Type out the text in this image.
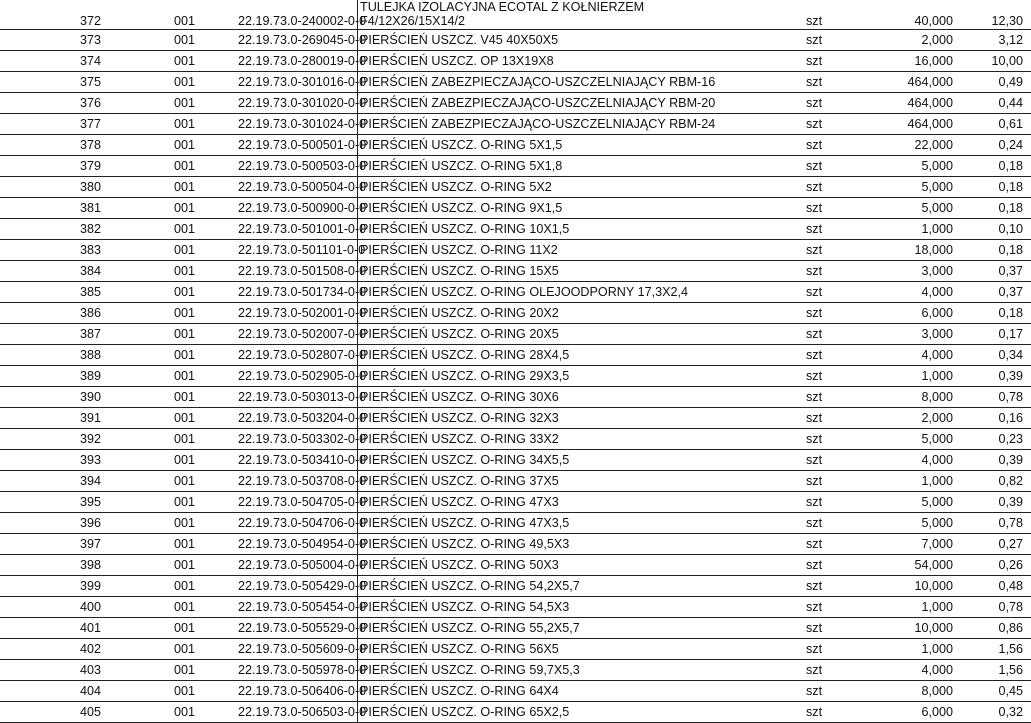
372	001	22.19.73.0-240002-0-0	TULEJKA IZOLACYJNA ECOTAL Z KOŁNIERZEM
F4/12X26/15X14/2	szt	40,000	12,30
373	001	22.19.73.0-269045-0-0	PIERŚCIEŃ USZCZ. V45 40X50X5	szt	2,000	3,12
374	001	22.19.73.0-280019-0-0	PIERŚCIEŃ USZCZ. OP 13X19X8	szt	16,000	10,00
375	001	22.19.73.0-301016-0-0	PIERŚCIEŃ ZABEZPIECZAJĄCO-USZCZELNIAJĄCY RBM-16	szt	464,000	0,49
376	001	22.19.73.0-301020-0-0	PIERŚCIEŃ ZABEZPIECZAJĄCO-USZCZELNIAJĄCY RBM-20	szt	464,000	0,44
377	001	22.19.73.0-301024-0-0	PIERŚCIEŃ ZABEZPIECZAJĄCO-USZCZELNIAJĄCY RBM-24	szt	464,000	0,61
378	001	22.19.73.0-500501-0-0	PIERŚCIEŃ USZCZ. O-RING 5X1,5	szt	22,000	0,24
379	001	22.19.73.0-500503-0-0	PIERŚCIEŃ USZCZ. O-RING 5X1,8	szt	5,000	0,18
380	001	22.19.73.0-500504-0-0	PIERŚCIEŃ USZCZ. O-RING 5X2	szt	5,000	0,18
381	001	22.19.73.0-500900-0-0	PIERŚCIEŃ USZCZ. O-RING 9X1,5	szt	5,000	0,18
382	001	22.19.73.0-501001-0-0	PIERŚCIEŃ USZCZ. O-RING 10X1,5	szt	1,000	0,10
383	001	22.19.73.0-501101-0-0	PIERŚCIEŃ USZCZ. O-RING 11X2	szt	18,000	0,18
384	001	22.19.73.0-501508-0-0	PIERŚCIEŃ USZCZ. O-RING 15X5	szt	3,000	0,37
385	001	22.19.73.0-501734-0-0	PIERŚCIEŃ USZCZ. O-RING OLEJOODPORNY 17,3X2,4	szt	4,000	0,37
386	001	22.19.73.0-502001-0-0	PIERŚCIEŃ USZCZ. O-RING 20X2	szt	6,000	0,18
387	001	22.19.73.0-502007-0-0	PIERŚCIEŃ USZCZ. O-RING 20X5	szt	3,000	0,17
388	001	22.19.73.0-502807-0-0	PIERŚCIEŃ USZCZ. O-RING 28X4,5	szt	4,000	0,34
389	001	22.19.73.0-502905-0-0	PIERŚCIEŃ USZCZ. O-RING 29X3,5	szt	1,000	0,39
390	001	22.19.73.0-503013-0-0	PIERŚCIEŃ USZCZ. O-RING 30X6	szt	8,000	0,78
391	001	22.19.73.0-503204-0-0	PIERŚCIEŃ USZCZ. O-RING 32X3	szt	2,000	0,16
392	001	22.19.73.0-503302-0-0	PIERŚCIEŃ USZCZ. O-RING 33X2	szt	5,000	0,23
393	001	22.19.73.0-503410-0-0	PIERŚCIEŃ USZCZ. O-RING 34X5,5	szt	4,000	0,39
394	001	22.19.73.0-503708-0-0	PIERŚCIEŃ USZCZ. O-RING 37X5	szt	1,000	0,82
395	001	22.19.73.0-504705-0-0	PIERŚCIEŃ USZCZ. O-RING 47X3	szt	5,000	0,39
396	001	22.19.73.0-504706-0-0	PIERŚCIEŃ USZCZ. O-RING 47X3,5	szt	5,000	0,78
397	001	22.19.73.0-504954-0-0	PIERŚCIEŃ USZCZ. O-RING 49,5X3	szt	7,000	0,27
398	001	22.19.73.0-505004-0-0	PIERŚCIEŃ USZCZ. O-RING 50X3	szt	54,000	0,26
399	001	22.19.73.0-505429-0-0	PIERŚCIEŃ USZCZ. O-RING 54,2X5,7	szt	10,000	0,48
400	001	22.19.73.0-505454-0-0	PIERŚCIEŃ USZCZ. O-RING 54,5X3	szt	1,000	0,78
401	001	22.19.73.0-505529-0-0	PIERŚCIEŃ USZCZ. O-RING 55,2X5,7	szt	10,000	0,86
402	001	22.19.73.0-505609-0-0	PIERŚCIEŃ USZCZ. O-RING 56X5	szt	1,000	1,56
403	001	22.19.73.0-505978-0-0	PIERŚCIEŃ USZCZ. O-RING 59,7X5,3	szt	4,000	1,56
404	001	22.19.73.0-506406-0-0	PIERŚCIEŃ USZCZ. O-RING 64X4	szt	8,000	0,45
405	001	22.19.73.0-506503-0-0	PIERŚCIEŃ USZCZ. O-RING 65X2,5	szt	6,000	0,32
